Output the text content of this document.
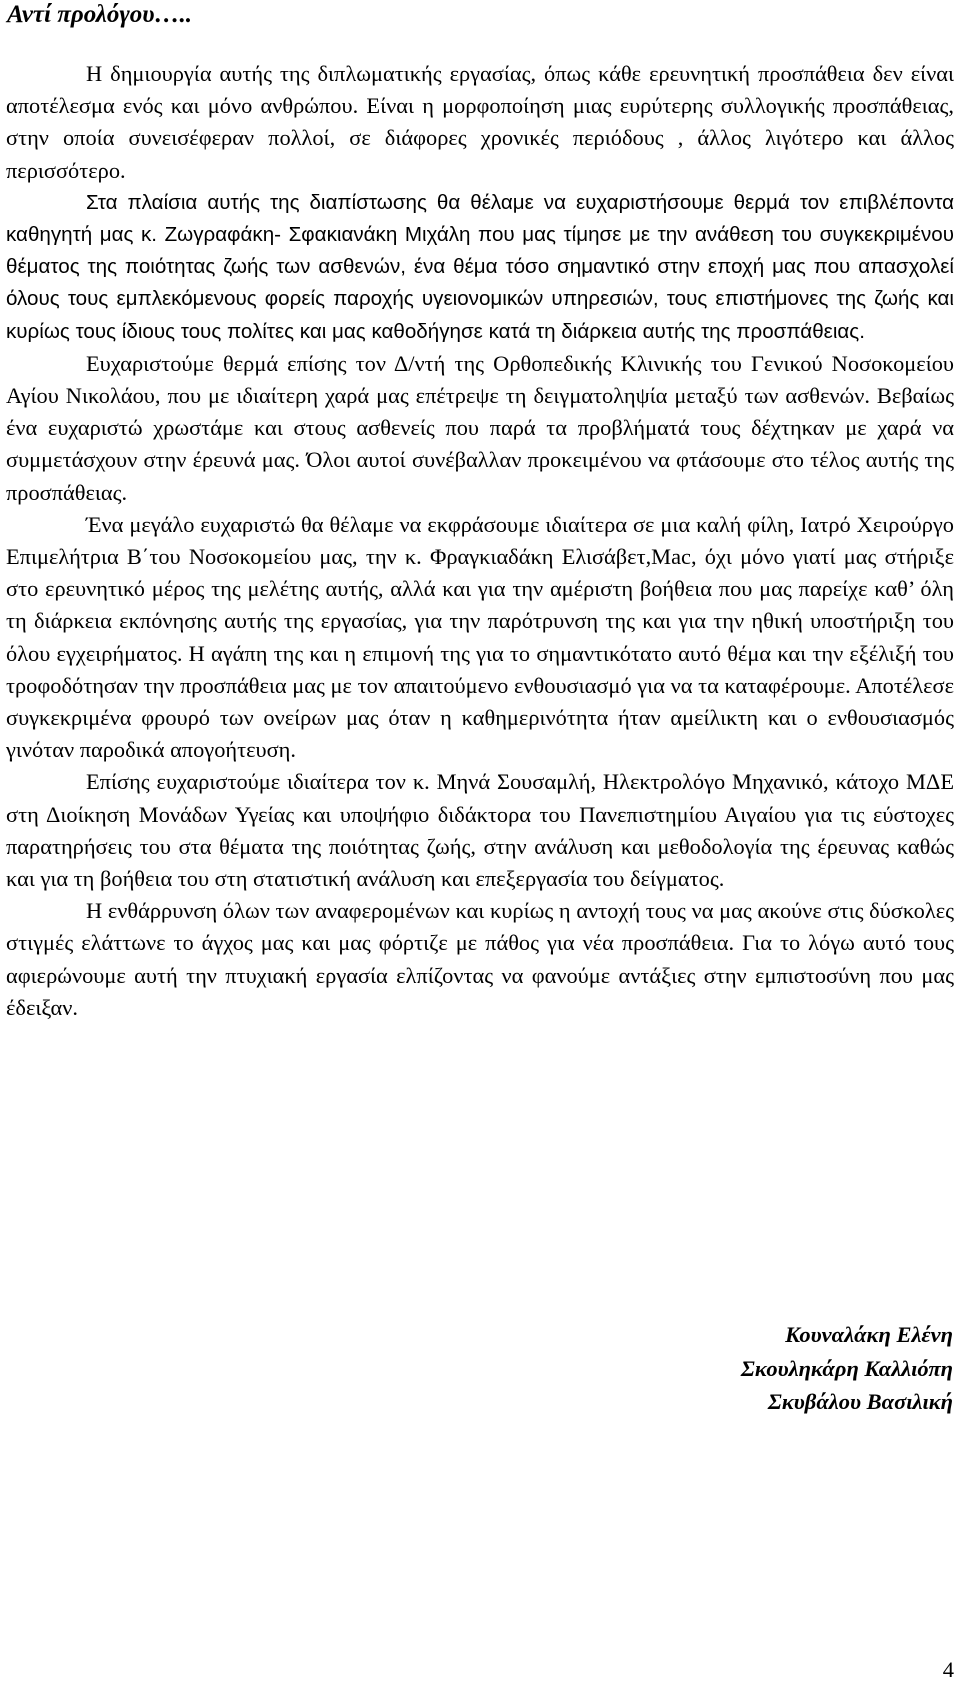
Αντί προλόγου…..

Η δημιουργία αυτής της διπλωματικής εργασίας, όπως κάθε ερευνητική προσπάθεια δεν είναι αποτέλεσμα ενός και μόνο ανθρώπου. Είναι η μορφοποίηση μιας ευρύτερης συλλογικής προσπάθειας, στην οποία συνεισέφεραν πολλοί, σε διάφορες χρονικές περιόδους , άλλος λιγότερο και άλλος περισσότερο.

Στα πλαίσια αυτής της διαπίστωσης θα θέλαμε να ευχαριστήσουμε θερμά τον επιβλέποντα καθηγητή μας κ. Ζωγραφάκη- Σφακιανάκη Μιχάλη που μας τίμησε με την ανάθεση του συγκεκριμένου θέματος της ποιότητας ζωής των ασθενών, ένα θέμα τόσο σημαντικό στην εποχή μας που απασχολεί όλους τους εμπλεκόμενους φορείς παροχής υγειονομικών υπηρεσιών, τους επιστήμονες της ζωής και κυρίως τους ίδιους τους πολίτες και μας καθοδήγησε κατά τη διάρκεια αυτής της προσπάθειας.

Ευχαριστούμε θερμά επίσης τον Δ/ντή της Ορθοπεδικής Κλινικής του Γενικού Νοσοκομείου Αγίου Νικολάου, που με ιδιαίτερη χαρά μας επέτρεψε τη δειγματοληψία μεταξύ των ασθενών. Βεβαίως ένα ευχαριστώ χρωστάμε και στους ασθενείς που παρά τα προβλήματά τους δέχτηκαν με χαρά να συμμετάσχουν στην έρευνά μας. Όλοι αυτοί συνέβαλλαν προκειμένου να φτάσουμε στο τέλος αυτής της προσπάθειας.

Ένα μεγάλο ευχαριστώ θα θέλαμε να εκφράσουμε ιδιαίτερα σε μια καλή φίλη, Ιατρό Χειρούργο Επιμελήτρια Β΄του Νοσοκομείου μας, την κ. Φραγκιαδάκη Ελισάβετ,Mac, όχι μόνο γιατί μας στήριξε στο ερευνητικό μέρος της μελέτης αυτής, αλλά και για την αμέριστη βοήθεια που μας παρείχε καθ’ όλη τη διάρκεια εκπόνησης αυτής της εργασίας, για την παρότρυνση της και για την ηθική υποστήριξη του όλου εγχειρήματος. Η αγάπη της και η επιμονή της για το σημαντικότατο αυτό θέμα και την εξέλιξή του τροφοδότησαν την προσπάθεια μας με τον απαιτούμενο ενθουσιασμό για να τα καταφέρουμε. Αποτέλεσε συγκεκριμένα φρουρό των ονείρων μας όταν η καθημερινότητα ήταν αμείλικτη και ο ενθουσιασμός γινόταν παροδικά απογοήτευση.

Επίσης ευχαριστούμε ιδιαίτερα τον κ. Μηνά Σουσαμλή, Ηλεκτρολόγο Μηχανικό, κάτοχο ΜΔΕ στη Διοίκηση Μονάδων Υγείας και υποψήφιο διδάκτορα του Πανεπιστημίου Αιγαίου για τις εύστοχες παρατηρήσεις του στα θέματα της ποιότητας ζωής, στην ανάλυση και μεθοδολογία της έρευνας καθώς και για τη βοήθεια του στη στατιστική ανάλυση και επεξεργασία του δείγματος.

Η ενθάρρυνση όλων των αναφερομένων και κυρίως η αντοχή τους να μας ακούνε στις δύσκολες στιγμές ελάττωνε το άγχος μας και μας φόρτιζε με πάθος για νέα προσπάθεια. Για το λόγω αυτό τους αφιερώνουμε αυτή την πτυχιακή εργασία ελπίζοντας να φανούμε αντάξιες στην εμπιστοσύνη που μας έδειξαν.

Κουναλάκη Ελένη
Σκουληκάρη Καλλιόπη
Σκυβάλου Βασιλική
4
